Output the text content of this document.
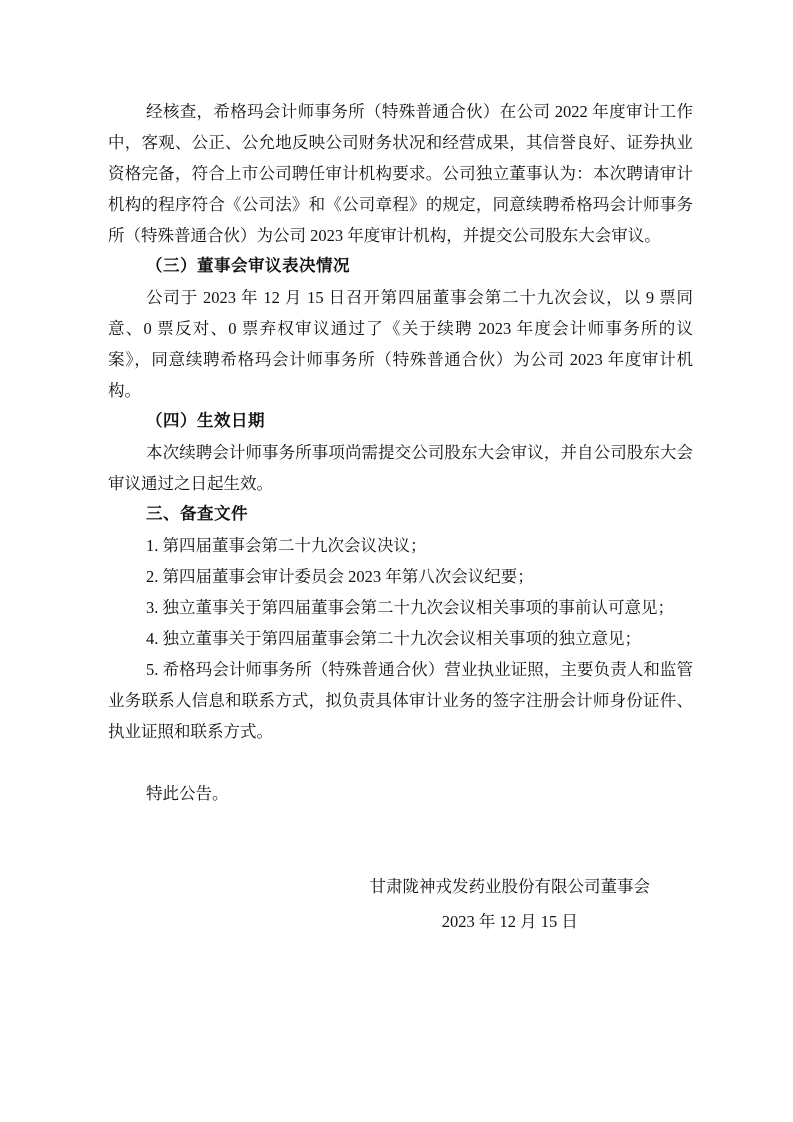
经核查，希格玛会计师事务所（特殊普通合伙）在公司 2022 年度审计工作中，客观、公正、公允地反映公司财务状况和经营成果，其信誉良好、证券执业资格完备，符合上市公司聘任审计机构要求。公司独立董事认为：本次聘请审计机构的程序符合《公司法》和《公司章程》的规定，同意续聘希格玛会计师事务所（特殊普通合伙）为公司 2023 年度审计机构，并提交公司股东大会审议。

（三）董事会审议表决情况

公司于 2023 年 12 月 15 日召开第四届董事会第二十九次会议，以 9 票同意、0 票反对、0 票弃权审议通过了《关于续聘 2023 年度会计师事务所的议案》，同意续聘希格玛会计师事务所（特殊普通合伙）为公司 2023 年度审计机构。

（四）生效日期

本次续聘会计师事务所事项尚需提交公司股东大会审议，并自公司股东大会审议通过之日起生效。

三、备查文件

1. 第四届董事会第二十九次会议决议；

2. 第四届董事会审计委员会 2023 年第八次会议纪要；

3. 独立董事关于第四届董事会第二十九次会议相关事项的事前认可意见；

4. 独立董事关于第四届董事会第二十九次会议相关事项的独立意见；

5. 希格玛会计师事务所（特殊普通合伙）营业执业证照，主要负责人和监管业务联系人信息和联系方式，拟负责具体审计业务的签字注册会计师身份证件、执业证照和联系方式。

特此公告。

甘肃陇神戎发药业股份有限公司董事会

2023 年 12 月 15 日
